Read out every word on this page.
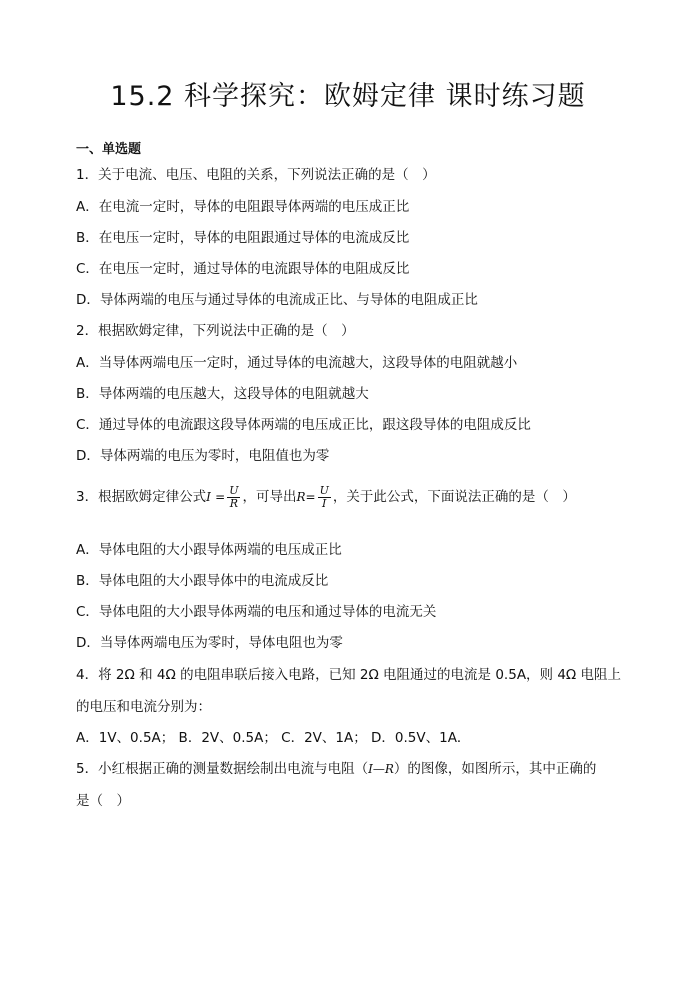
15.2 科学探究：欧姆定律 课时练习题
一、单选题
1．关于电流、电压、电阻的关系，下列说法正确的是（　）
A．在电流一定时，导体的电阻跟导体两端的电压成正比
B．在电压一定时，导体的电阻跟通过导体的电流成反比
C．在电压一定时，通过导体的电流跟导体的电阻成反比
D．导体两端的电压与通过导体的电流成正比、与导体的电阻成正比
2．根据欧姆定律，下列说法中正确的是（　）
A．当导体两端电压一定时，通过导体的电流越大，这段导体的电阻就越小
B．导体两端的电压越大，这段导体的电阻就越大
C．通过导体的电流跟这段导体两端的电压成正比，跟这段导体的电阻成反比
D．导体两端的电压为零时，电阻值也为零
3．根据欧姆定律公式$I = \frac{U}{R}$ ，可导出$R= \frac{U}{I}$ ，关于此公式，下面说法正确的是（　）
A．导体电阻的大小跟导体两端的电压成正比
B．导体电阻的大小跟导体中的电流成反比
C．导体电阻的大小跟导体两端的电压和通过导体的电流无关
D．当导体两端电压为零时，导体电阻也为零
4．将 2Ω 和 4Ω 的电阻串联后接入电路，已知 2Ω 电阻通过的电流是 0.5A，则 4Ω 电阻上
的电压和电流分别为：
A．1V、0.5A； B．2V、0.5A； C．2V、1A； D．0.5V、1A．
5．小红根据正确的测量数据绘制出电流与电阻（I—R）的图像，如图所示，其中正确的
是（　）
